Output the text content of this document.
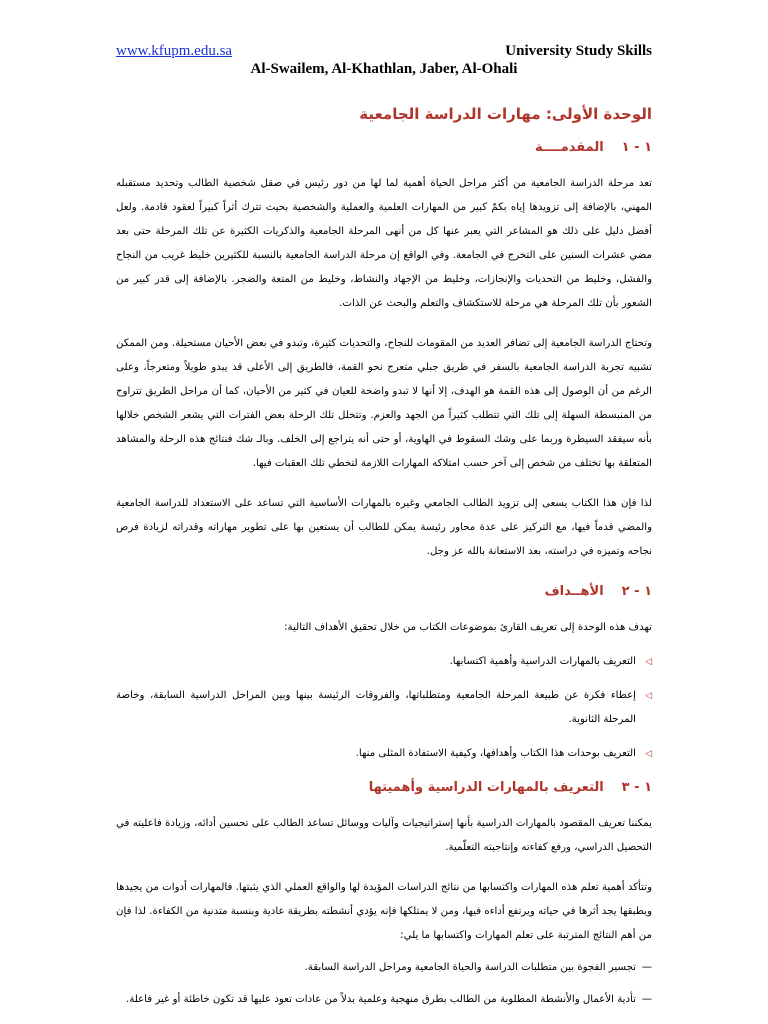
www.kfupm.edu.sa	University Study Skills
Al-Swailem, Al-Khathlan, Jaber, Al-Ohali
الوحدة الأولى: مهارات الدراسة الجامعية
١ - ١المقدمــــة

تعد مرحلة الدراسة الجامعية من أكثر مراحل الحياة أهمية لما لها من دور رئيس في صقل شخصية الطالب وتحديد مستقبله المهني، بالإضافة إلى تزويدها إياه بكمّ كبير من المهارات العلمية والعملية والشخصية بحيث تترك أثراً كبيراً لعقود قادمة. ولعل أفضل دليل على ذلك هو المشاعر التي يعبر عنها كل من أنهى المرحلة الجامعية والذكريات الكثيرة عن تلك المرحلة حتى بعد مضي عشرات السنين على التخرج في الجامعة. وفي الواقع إن مرحلة الدراسة الجامعية بالنسبة للكثيرين خليط غريب من النجاح والفشل، وخليط من التحديات والإنجازات، وخليط من الإجهاد والنشاط، وخليط من المتعة والضجر. بالإضافة إلى قدر كبير من الشعور بأن تلك المرحلة هي مرحلة للاستكشاف والتعلم والبحث عن الذات.

وتحتاج الدراسة الجامعية إلى تضافر العديد من المقومات للنجاح، والتحديات كثيرة، وتبدو في بعض الأحيان مستحيلة. ومن الممكن تشبيه تجربة الدراسة الجامعية بالسفر في طريق جبلي متعرج نحو القمة، فالطريق إلى الأعلى قد يبدو طويلاً ومتعرجاً، وعلى الرغم من أن الوصول إلى هذه القمة هو الهدف، إلا أنها لا تبدو واضحة للعيان في كثير من الأحيان، كما أن مراحل الطريق تتراوح من المنبسطة السهلة إلى تلك التي تتطلب كثيراً من الجهد والعزم. وتتخلل تلك الرحلة بعض الفترات التي يشعر الشخص خلالها بأنه سيفقد السيطرة وربما على وشك السقوط في الهاوية، أو حتى أنه يتراجع إلى الخلف. وبالـ شك فنتائج هذه الرحلة والمشاهد المتعلقة بها تختلف من شخص إلى آخر حسب امتلاكه المهارات اللازمة لتخطي تلك العقبات فيها.

لذا فإن هذا الكتاب يسعى إلى تزويد الطالب الجامعي وغيره بالمهارات الأساسية التي تساعد على الاستعداد للدراسة الجامعية والمضي قدماً فيها، مع التركيز على عدة محاور رئيسة يمكن للطالب أن يستعين بها على تطوير مهاراته وقدراته لزيادة فرص نجاحه وتميزه في دراسته، بعد الاستعانة بالله عز وجل.

١ - ٢الأهــداف

تهدف هذه الوحدة إلى تعريف القارئ بموضوعات الكتاب من خلال تحقيق الأهداف التالية:

◁ التعريف بالمهارات الدراسية وأهمية اكتسابها.
◁ إعطاء فكرة عن طبيعة المرحلة الجامعية ومتطلباتها، والفروقات الرئيسة بينها وبين المراحل الدراسية السابقة، وخاصة المرحلة الثانوية.
◁ التعريف بوحدات هذا الكتاب وأهدافها، وكيفية الاستفادة المثلى منها.
١ - ٣التعريف بالمهارات الدراسية وأهميتها

يمكننا تعريف المقصود بالمهارات الدراسية بأنها إستراتيجيات وآليات ووسائل تساعد الطالب على تحسين أدائه، وزيادة فاعليته في التحصيل الدراسي، ورفع كفاءته وإنتاجيته التعلّمية.

وتتأكد أهمية تعلم هذه المهارات واكتسابها من نتائج الدراسات المؤيدة لها والواقع العملي الذي يثبتها. فالمهارات أدوات من يجيدها ويطبقها يجد أثرها في حياته ويرتفع أداءه فيها، ومن لا يمتلكها فإنه يؤدي أنشطته بطريقة عادية وبنسبة متدنية من الكفاءة. لذا فإن من أهم النتائج المترتبة على تعلم المهارات واكتسابها ما يلي:

— تجسير الفجوة بين متطلبات الدراسة والحياة الجامعية ومراحل الدراسة السابقة.
— تأدية الأعمال والأنشطة المطلوبة من الطالب بطرق منهجية وعلمية بدلاً من عادات تعود عليها قد تكون خاطئة أو غير فاعلة.
